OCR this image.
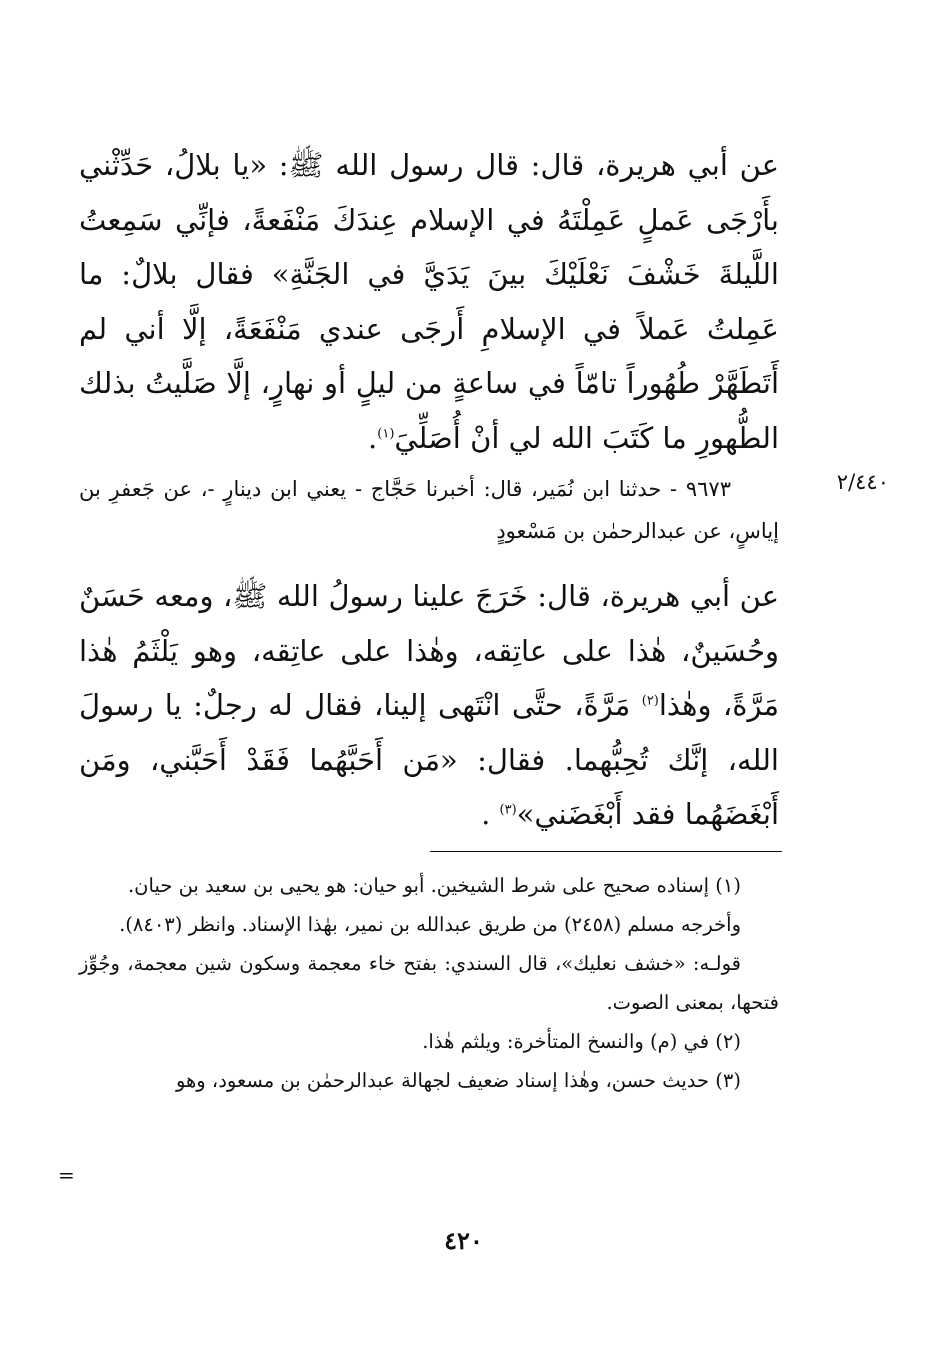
عن أبي هريرة، قال: قال رسول الله ﷺ: «يا بلالُ، حَدِّثْني بأَرْجَى عَملٍ عَمِلْتَهُ في الإسلام عِندَكَ مَنْفَعةً، فإنِّي سَمِعتُ اللَّيلةَ خَشْفَ نَعْلَيْكَ بينَ يَدَيَّ في الجَنَّةِ» فقال بلالٌ: ما عَمِلتُ عَملاً في الإسلامِ أَرجَى عندي مَنْفَعَةً، إلَّا أني لم أَتَطَهَّرْ طُهُوراً تامّاً في ساعةٍ من ليلٍ أو نهارٍ، إلَّا صَلَّيتُ بذلك الطُّهورِ ما كَتَبَ الله لي أنْ أُصَلِّيَ$^{(١)}$.
٢/٤٤٠
٩٦٧٣ - حدثنا ابن نُمَير، قال: أخبرنا حَجَّاج - يعني ابن دينارٍ -، عن جَعفرِ بن إياسٍ، عن عبدالرحمٰن بن مَسْعودٍ
عن أبي هريرة، قال: خَرَجَ علينا رسولُ الله ﷺ، ومعه حَسَنٌ وحُسَينٌ، هٰذا على عاتِقه، وهٰذا على عاتِقه، وهو يَلْثَمُ هٰذا مَرَّةً، وهٰذا$^{(٢)}$ مَرَّةً، حتَّى انْتَهى إلينا، فقال له رجلٌ: يا رسولَ الله، إنَّك تُحِبُّهما. فقال: «مَن أَحَبَّهُما فَقَدْ أَحَبَّني، ومَن أَبْغَضَهُما فقد أَبْغَضَني»$^{(٣)}$ .

(١) إسناده صحيح على شرط الشيخين. أبو حيان: هو يحيى بن سعيد بن حيان.

وأخرجه مسلم (٢٤٥٨) من طريق عبدالله بن نمير، بهٰذا الإسناد. وانظر (٨٤٠٣).

قولـه: «خشف نعليك»، قال السندي: بفتح خاء معجمة وسكون شين معجمة، وجُوِّز فتحها، بمعنى الصوت.

(٢) في (م) والنسخ المتأخرة: ويلثم هٰذا.

(٣) حديث حسن، وهٰذا إسناد ضعيف لجهالة عبدالرحمٰن بن مسعود، وهو

=
٤٢٠
